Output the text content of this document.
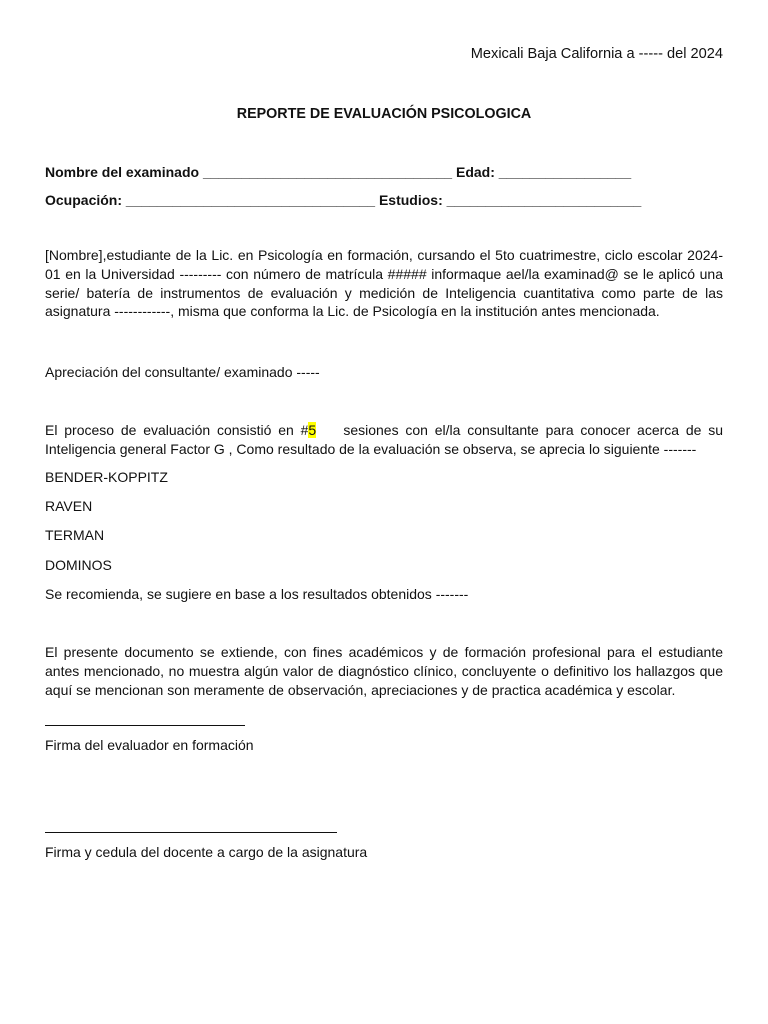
Mexicali Baja California a ----- del 2024
REPORTE DE EVALUACIÓN PSICOLOGICA
Nombre del examinado ________________________________ Edad: _________________
Ocupación: ________________________________ Estudios: _________________________
[Nombre],estudiante de la Lic. en Psicología en formación, cursando el 5to cuatrimestre, ciclo escolar 2024-01 en la Universidad --------- con número de matrícula ##### informaque ael/la examinad@ se le aplicó una serie/ batería de instrumentos de evaluación y medición de Inteligencia cuantitativa como parte de las asignatura ------------, misma que conforma la Lic. de Psicología en la institución antes mencionada.
Apreciación del consultante/ examinado -----
El proceso de evaluación consistió en #5    sesiones con el/la consultante para conocer acerca de su Inteligencia general Factor G , Como resultado de la evaluación se observa, se aprecia lo siguiente -------
BENDER-KOPPITZ
RAVEN
TERMAN
DOMINOS
Se recomienda, se sugiere en base a los resultados obtenidos -------
El presente documento se extiende, con fines académicos y de formación profesional para el estudiante antes mencionado, no muestra algún valor de diagnóstico clínico, concluyente o definitivo los hallazgos que aquí se mencionan son meramente de observación, apreciaciones y de practica académica y escolar.
Firma del evaluador en formación
Firma y cedula del docente a cargo de la asignatura
